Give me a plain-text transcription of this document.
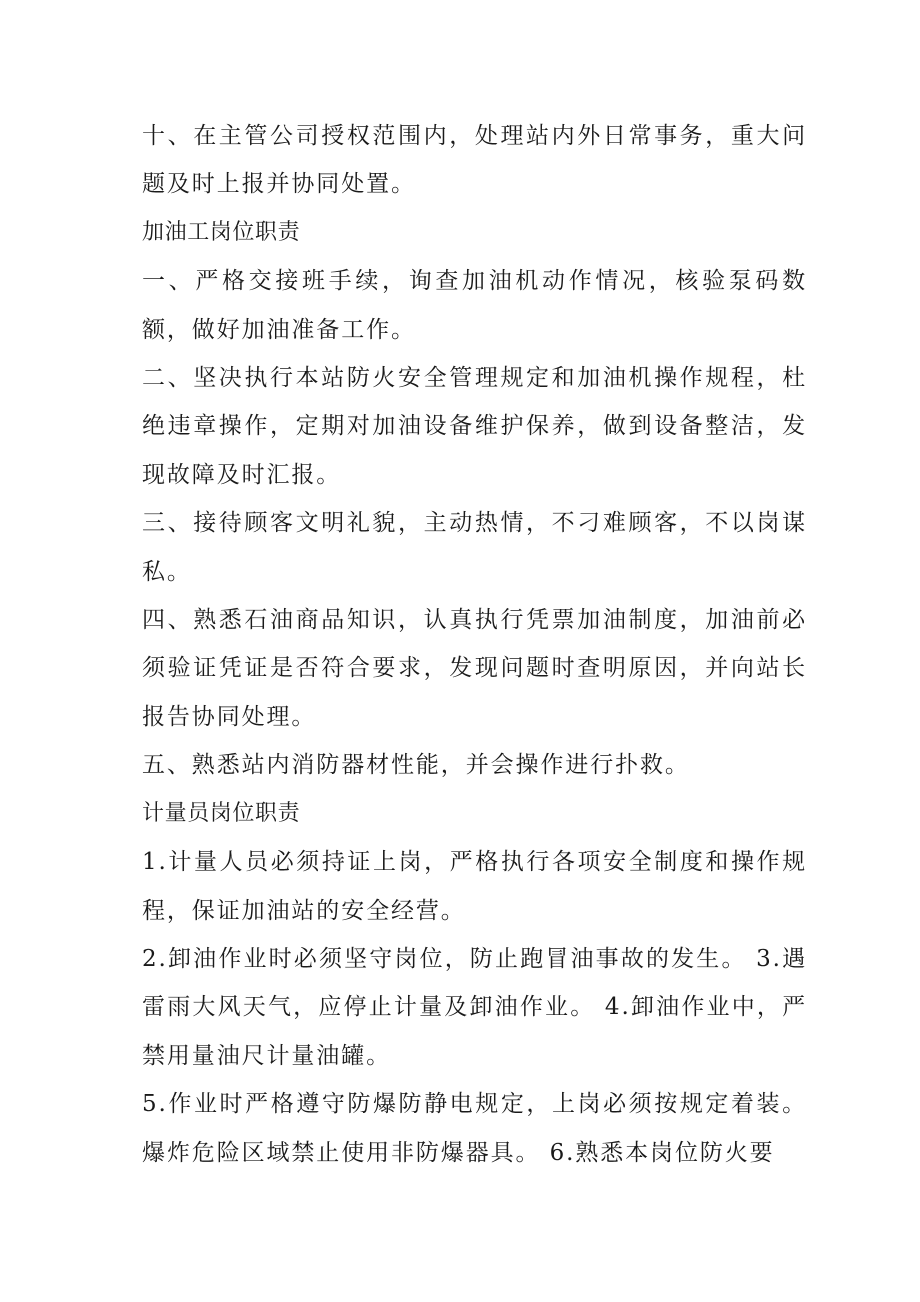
十、在主管公司授权范围内，处理站内外日常事务，重大问题及时上报并协同处置。

加油工岗位职责

一、严格交接班手续，询查加油机动作情况，核验泵码数额，做好加油准备工作。

二、坚决执行本站防火安全管理规定和加油机操作规程，杜绝违章操作，定期对加油设备维护保养，做到设备整洁，发现故障及时汇报。

三、接待顾客文明礼貌，主动热情，不刁难顾客，不以岗谋私。

四、熟悉石油商品知识，认真执行凭票加油制度，加油前必须验证凭证是否符合要求，发现问题时查明原因，并向站长报告协同处理。

五、熟悉站内消防器材性能，并会操作进行扑救。

计量员岗位职责

1.计量人员必须持证上岗，严格执行各项安全制度和操作规程，保证加油站的安全经营。

2.卸油作业时必须坚守岗位，防止跑冒油事故的发生。 3.遇雷雨大风天气，应停止计量及卸油作业。 4.卸油作业中，严禁用量油尺计量油罐。

5.作业时严格遵守防爆防静电规定，上岗必须按规定着装。爆炸危险区域禁止使用非防爆器具。 6.熟悉本岗位防火要
